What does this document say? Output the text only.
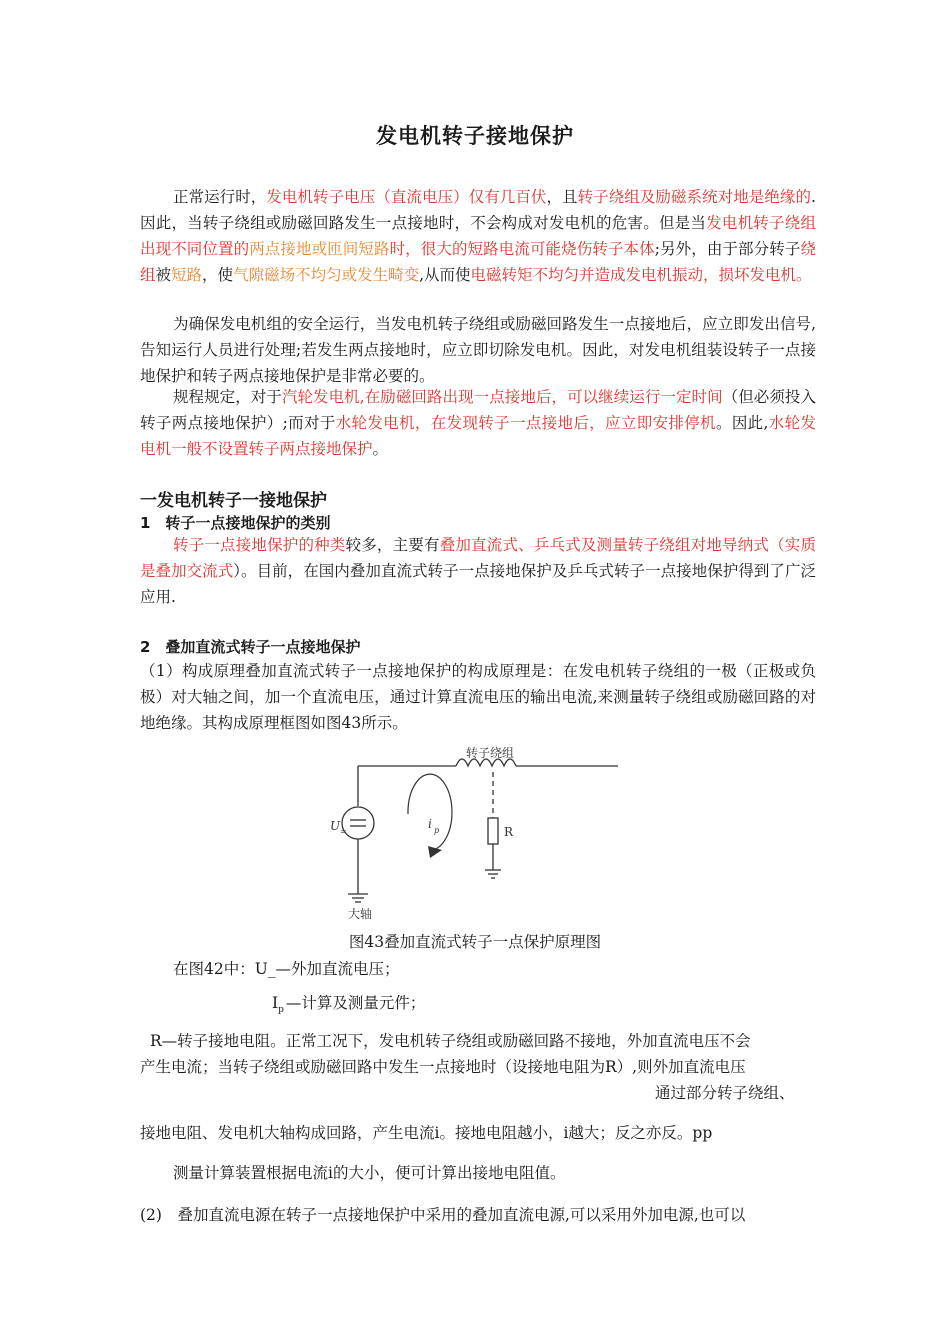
发电机转子接地保护

正常运行时，发电机转子电压（直流电压）仅有几百伏，且转子绕组及励磁系统对地是绝缘的.因此，当转子绕组或励磁回路发生一点接地时，不会构成对发电机的危害。但是当发电机转子绕组出现不同位置的两点接地或匝间短路时，很大的短路电流可能烧伤转子本体;另外，由于部分转子绕组被短路，使气隙磁场不均匀或发生畸变,从而使电磁转矩不均匀并造成发电机振动，损坏发电机。

为确保发电机组的安全运行，当发电机转子绕组或励磁回路发生一点接地后，应立即发出信号,告知运行人员进行处理;若发生两点接地时，应立即切除发电机。因此，对发电机组装设转子一点接地保护和转子两点接地保护是非常必要的。

规程规定，对于汽轮发电机,在励磁回路出现一点接地后，可以继续运行一定时间（但必须投入转子两点接地保护）;而对于水轮发电机，在发现转子一点接地后，应立即安排停机。因此,水轮发电机一般不设置转子两点接地保护。

一发电机转子一接地保护
1　转子一点接地保护的类别

转子一点接地保护的种类较多，主要有叠加直流式、乒乓式及测量转子绕组对地导纳式（实质是叠加交流式）。目前，在国内叠加直流式转子一点接地保护及乒乓式转子一点接地保护得到了广泛应用.

2　叠加直流式转子一点接地保护

（1）构成原理叠加直流式转子一点接地保护的构成原理是：在发电机转子绕组的一极（正极或负极）对大轴之间，加一个直流电压，通过计算直流电压的输出电流,来测量转子绕组或励磁回路的对地绝缘。其构成原理框图如图43所示。

转子绕组
U =
大轴
i p	R
图43叠加直流式转子一点保护原理图
在图42中：U_—外加直流电压；
$I_p$ —计算及测量元件；
R—转子接地电阻。正常工况下，发电机转子绕组或励磁回路不接地，外加直流电压不会
产生电流；当转子绕组或励磁回路中发生一点接地时（设接地电阻为R）,则外加直流电压
通过部分转子绕组、
接地电阻、发电机大轴构成回路，产生电流i。接地电阻越小，i越大；反之亦反。pp
测量计算装置根据电流i的大小，便可计算出接地电阻值。
(2)　叠加直流电源在转子一点接地保护中采用的叠加直流电源,可以采用外加电源,也可以
